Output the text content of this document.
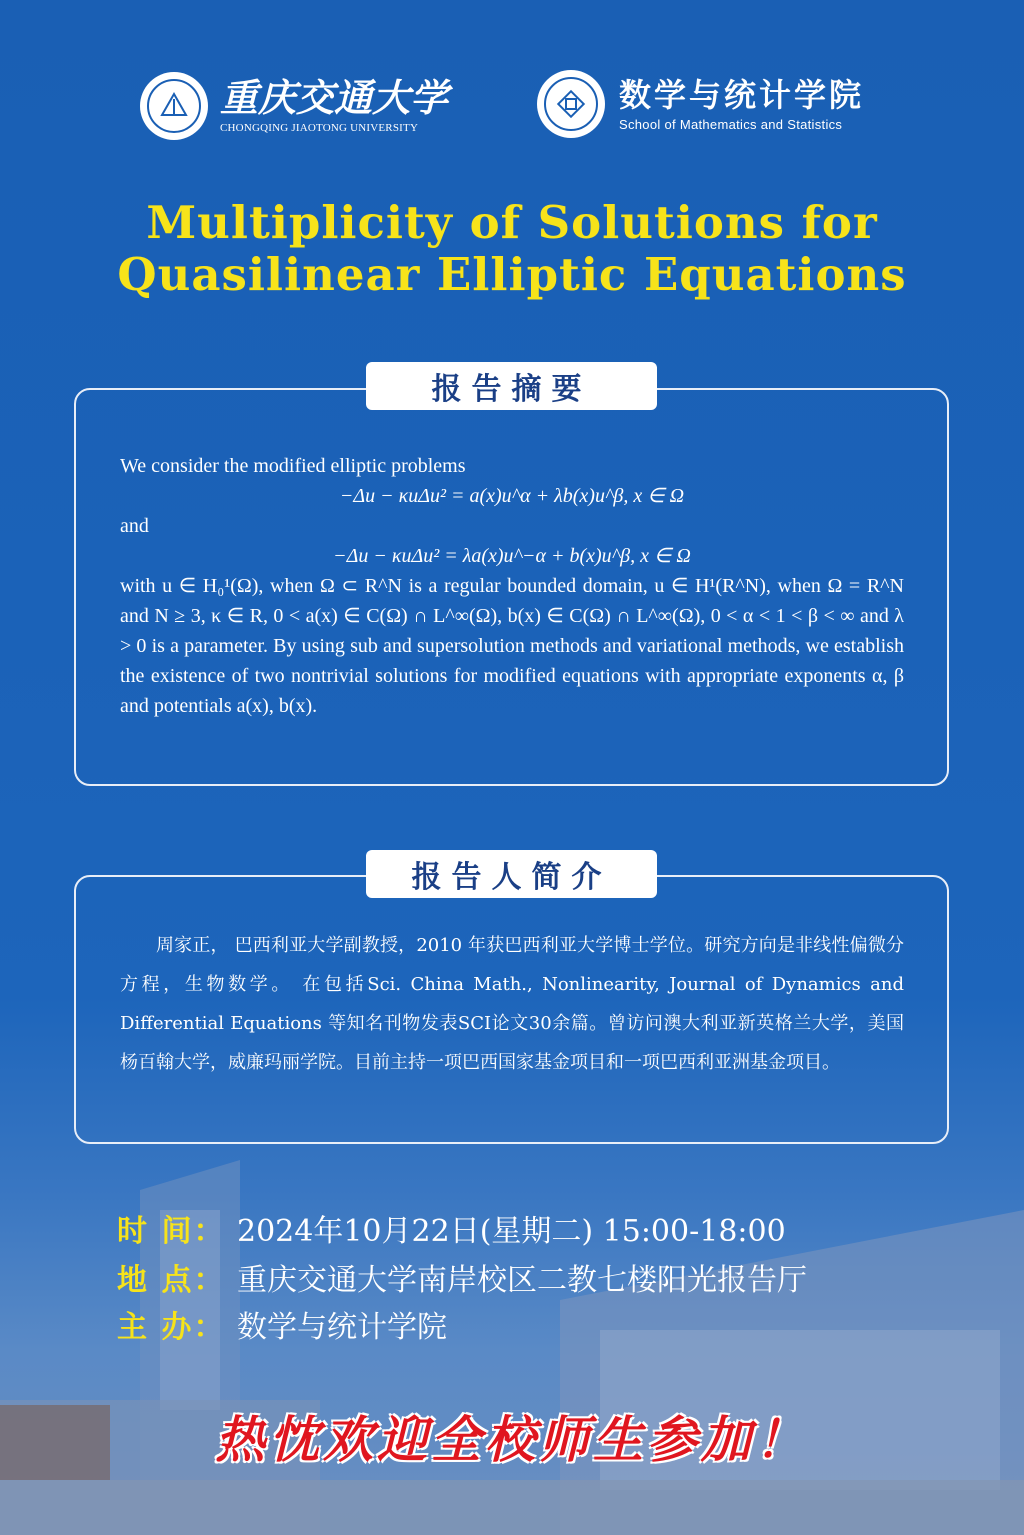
重庆交通大学
CHONGQING JIAOTONG UNIVERSITY
数学与统计学院
School of Mathematics and Statistics
Multiplicity of Solutions for
Quasilinear Elliptic Equations
报告摘要

We consider the modified elliptic problems

−Δu − κuΔu² = a(x)u^α + λb(x)u^β, x ∈ Ω

and

−Δu − κuΔu² = λa(x)u^−α + b(x)u^β, x ∈ Ω

with u ∈ H₀¹(Ω), when Ω ⊂ R^N is a regular bounded domain, u ∈ H¹(R^N), when Ω = R^N and N ≥ 3, κ ∈ R, 0 < a(x) ∈ C(Ω) ∩ L^∞(Ω), b(x) ∈ C(Ω) ∩ L^∞(Ω), 0 < α < 1 < β < ∞ and λ > 0 is a parameter. By using sub and supersolution methods and variational methods, we establish the existence of two nontrivial solutions for modified equations with appropriate exponents α, β and potentials a(x), b(x).

报告人简介
周家正， 巴西利亚大学副教授，2010 年获巴西利亚大学博士学位。研究方向是非线性偏微分方程，生物数学。 在包括Sci. China Math., Nonlinearity, Journal of Dynamics and Differential Equations 等知名刊物发表SCI论文30余篇。曾访问澳大利亚新英格兰大学，美国杨百翰大学，威廉玛丽学院。目前主持一项巴西国家基金项目和一项巴西利亚洲基金项目。
时 间： 2024年10月22日(星期二) 15:00-18:00
地 点： 重庆交通大学南岸校区二教七楼阳光报告厅
主 办： 数学与统计学院
热忱欢迎全校师生参加！
